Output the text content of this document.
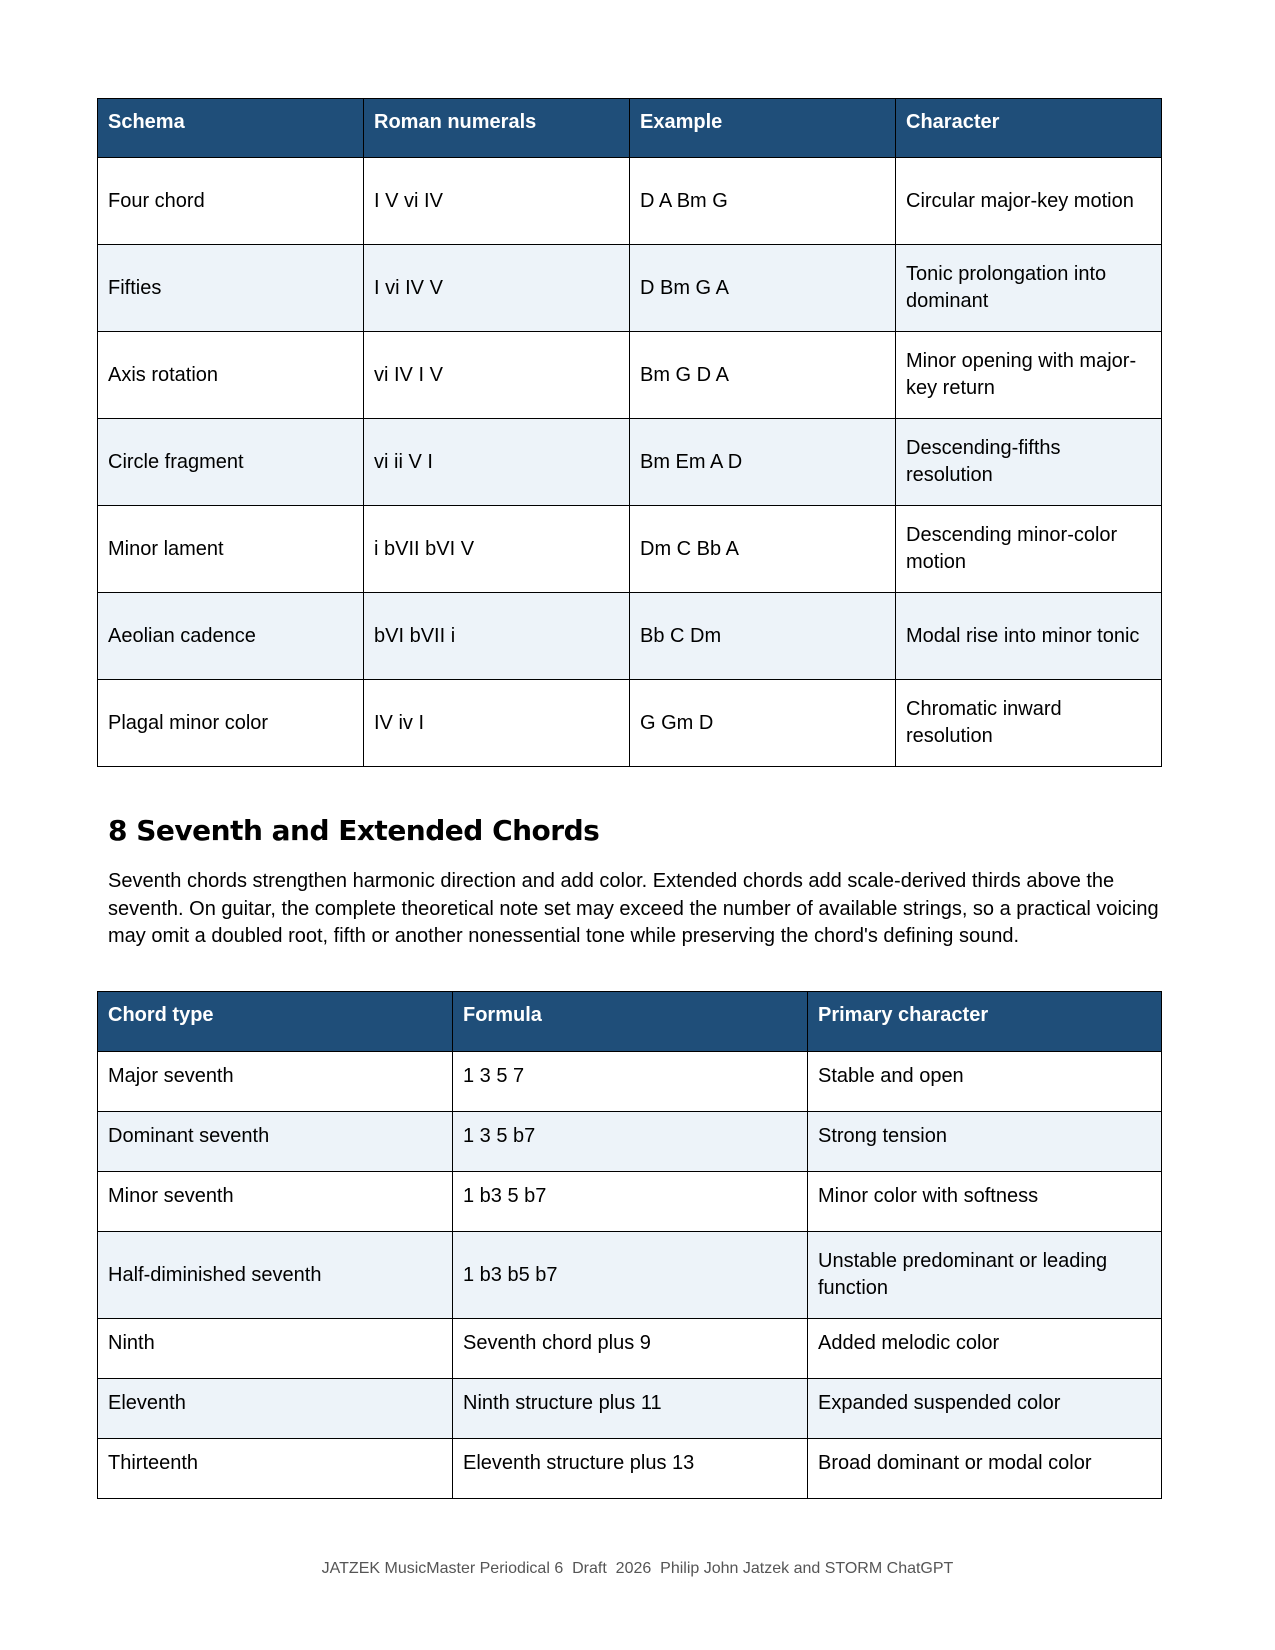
Schema	Roman numerals	Example	Character
Four chord	I V vi IV	D A Bm G	Circular major-key motion
Fifties	I vi IV V	D Bm G A	Tonic prolongation into dominant
Axis rotation	vi IV I V	Bm G D A	Minor opening with major-key return
Circle fragment	vi ii V I	Bm Em A D	Descending-fifths resolution
Minor lament	i bVII bVI V	Dm C Bb A	Descending minor-color motion
Aeolian cadence	bVI bVII i	Bb C Dm	Modal rise into minor tonic
Plagal minor color	IV iv I	G Gm D	Chromatic inward resolution
8 Seventh and Extended Chords

Seventh chords strengthen harmonic direction and add color. Extended chords add scale-derived thirds above the seventh. On guitar, the complete theoretical note set may exceed the number of available strings, so a practical voicing may omit a doubled root, fifth or another nonessential tone while preserving the chord's defining sound.

Chord type	Formula	Primary character
Major seventh	1 3 5 7	Stable and open
Dominant seventh	1 3 5 b7	Strong tension
Minor seventh	1 b3 5 b7	Minor color with softness
Half-diminished seventh	1 b3 b5 b7	Unstable predominant or leading function
Ninth	Seventh chord plus 9	Added melodic color
Eleventh	Ninth structure plus 11	Expanded suspended color
Thirteenth	Eleventh structure plus 13	Broad dominant or modal color
JATZEK MusicMaster Periodical 6  Draft  2026  Philip John Jatzek and STORM ChatGPT
